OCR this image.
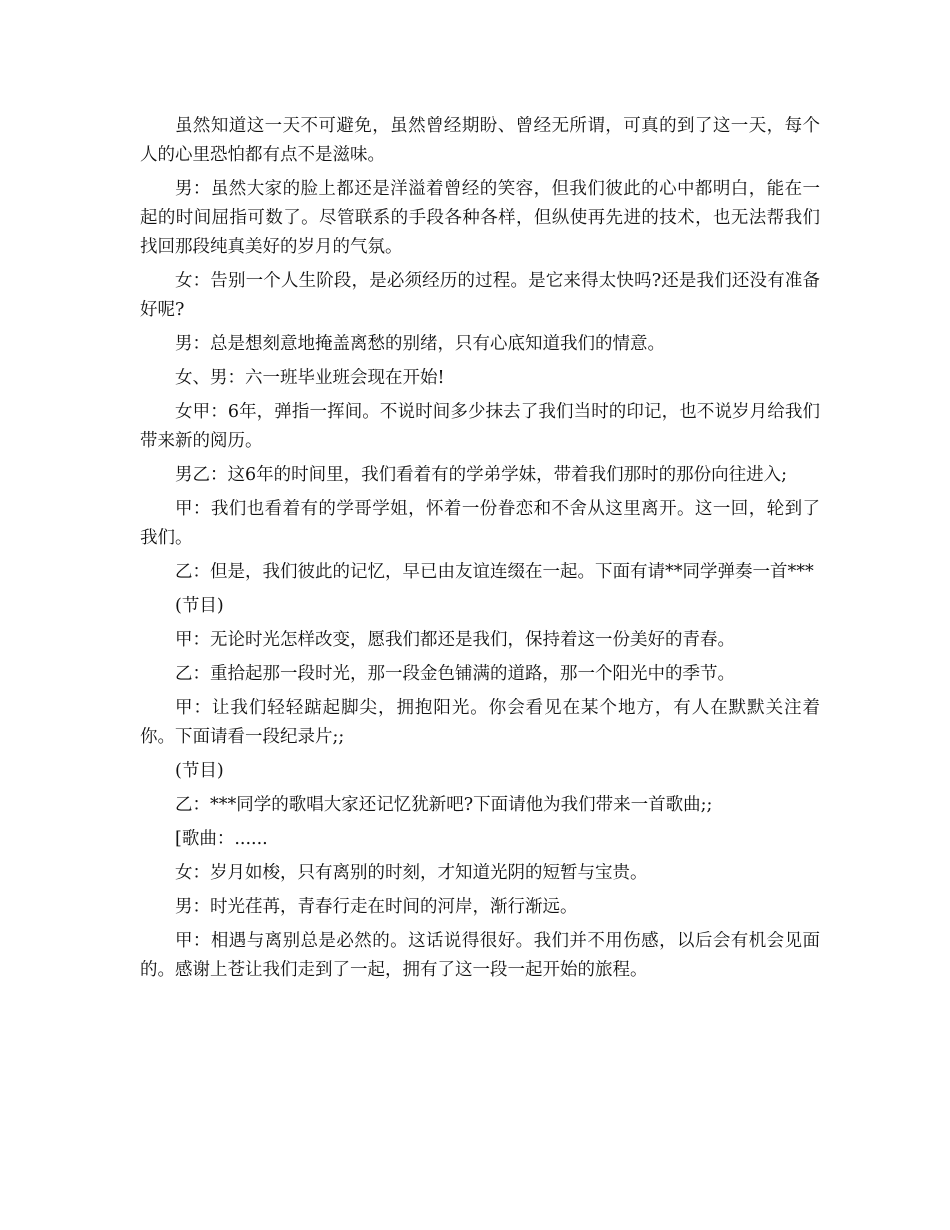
虽然知道这一天不可避免，虽然曾经期盼、曾经无所谓，可真的到了这一天，每个人的心里恐怕都有点不是滋味。

男：虽然大家的脸上都还是洋溢着曾经的笑容，但我们彼此的心中都明白，能在一起的时间屈指可数了。尽管联系的手段各种各样，但纵使再先进的技术，也无法帮我们找回那段纯真美好的岁月的气氛。

女：告别一个人生阶段，是必须经历的过程。是它来得太快吗?还是我们还没有准备好呢?

男：总是想刻意地掩盖离愁的别绪，只有心底知道我们的情意。

女、男：六一班毕业班会现在开始!

女甲：6年，弹指一挥间。不说时间多少抹去了我们当时的印记，也不说岁月给我们带来新的阅历。

男乙：这6年的时间里，我们看着有的学弟学妹，带着我们那时的那份向往进入;

甲：我们也看着有的学哥学姐，怀着一份眷恋和不舍从这里离开。这一回，轮到了我们。

乙：但是，我们彼此的记忆，早已由友谊连缀在一起。下面有请**同学弹奏一首***

(节目)

甲：无论时光怎样改变，愿我们都还是我们，保持着这一份美好的青春。

乙：重拾起那一段时光，那一段金色铺满的道路，那一个阳光中的季节。

甲：让我们轻轻踮起脚尖，拥抱阳光。你会看见在某个地方，有人在默默关注着你。下面请看一段纪录片;;

(节目)

乙：***同学的歌唱大家还记忆犹新吧?下面请他为我们带来一首歌曲;;

[歌曲：......

女：岁月如梭，只有离别的时刻，才知道光阴的短暂与宝贵。

男：时光荏苒，青春行走在时间的河岸，渐行渐远。

甲：相遇与离别总是必然的。这话说得很好。我们并不用伤感，以后会有机会见面的。感谢上苍让我们走到了一起，拥有了这一段一起开始的旅程。
